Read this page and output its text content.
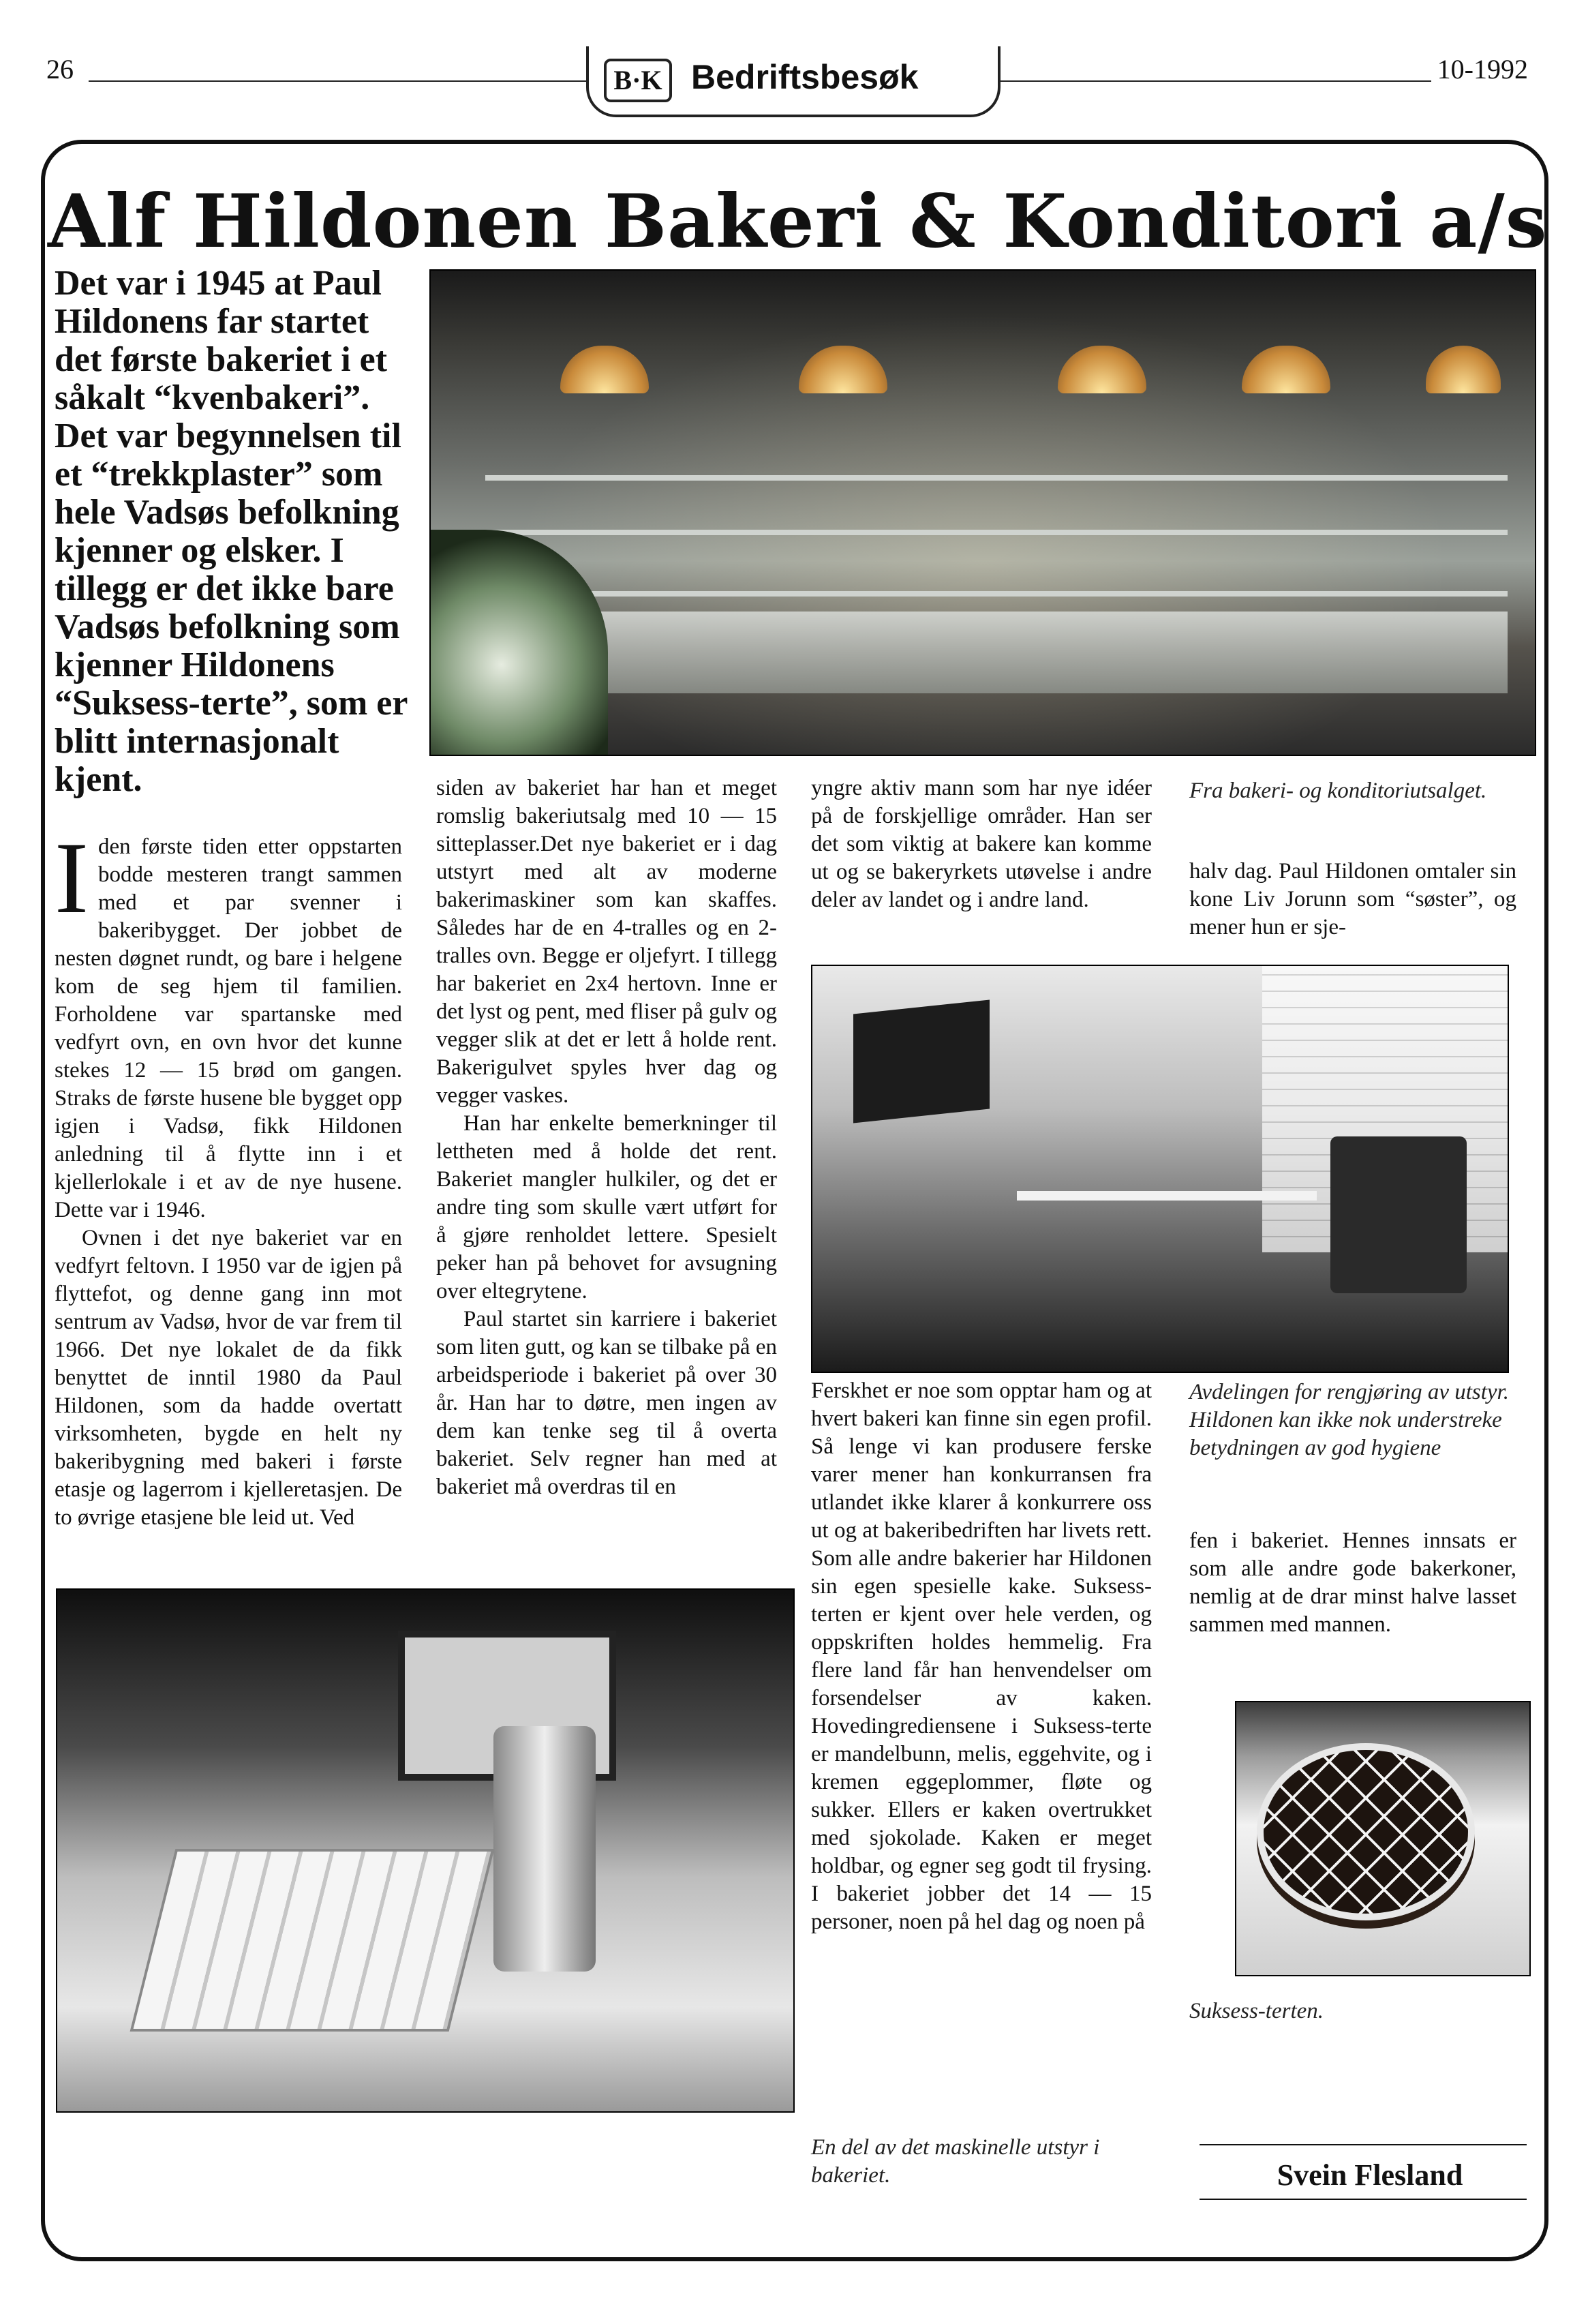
26	B·K Bedriftsbesøk	10-1992
Alf Hildonen Bakeri & Konditori a/s
Det var i 1945 at Paul Hildonens far startet det første bakeriet i et såkalt “kvenbakeri”. Det var begynnelsen til et “trekkplaster” som hele Vadsøs befolkning kjenner og elsker. I tillegg er det ikke bare Vadsøs befolkning som kjenner Hildonens “Suksess-terte”, som er blitt internasjonalt kjent.

Iden første tiden etter oppstarten bodde mesteren trangt sammen med et par svenner i bakeribygget. Der jobbet de nesten døgnet rundt, og bare i helgene kom de seg hjem til familien. Forholdene var spartanske med vedfyrt ovn, en ovn hvor det kunne stekes 12 — 15 brød om gangen. Straks de første husene ble bygget opp igjen i Vadsø, fikk Hildonen anledning til å flytte inn i et kjellerlokale i et av de nye husene. Dette var i 1946.

Ovnen i det nye bakeriet var en vedfyrt feltovn. I 1950 var de igjen på flyttefot, og denne gang inn mot sentrum av Vadsø, hvor de var frem til 1966. Det nye lokalet de da fikk benyttet de inntil 1980 da Paul Hildonen, som da hadde overtatt virksomheten, bygde en helt ny bakeribygning med bakeri i første etasje og lagerrom i kjelleretasjen. De to øvrige etasjene ble leid ut. Ved

siden av bakeriet har han et meget romslig bakeriutsalg med 10 — 15 sitteplasser.Det nye bakeriet er i dag utstyrt med alt av moderne bakerimaskiner som kan skaffes. Således har de en 4-tralles og en 2-tralles ovn. Begge er oljefyrt. I tillegg har bakeriet en 2x4 hertovn. Inne er det lyst og pent, med fliser på gulv og vegger slik at det er lett å holde rent. Bakerigulvet spyles hver dag og vegger vaskes.

Han har enkelte bemerkninger til lettheten med å holde det rent. Bakeriet mangler hulkiler, og det er andre ting som skulle vært utført for å gjøre renholdet lettere. Spesielt peker han på behovet for avsugning over eltegrytene.

Paul startet sin karriere i bakeriet som liten gutt, og kan se tilbake på en arbeidsperiode i bakeriet på over 30 år. Han har to døtre, men ingen av dem kan tenke seg til å overta bakeriet. Selv regner han med at bakeriet må overdras til en

yngre aktiv mann som har nye idéer på de forskjellige områder. Han ser det som viktig at bakere kan komme ut og se bakeryrkets utøvelse i andre deler av landet og i andre land.

Ferskhet er noe som opptar ham og at hvert bakeri kan finne sin egen profil. Så lenge vi kan produsere ferske varer mener han konkurransen fra utlandet ikke klarer å konkurrere oss ut og at bakeribedriften har livets rett. Som alle andre bakerier har Hildonen sin egen spesielle kake. Suksess-terten er kjent over hele verden, og oppskriften holdes hemmelig. Fra flere land får han henvendelser om forsendelser av kaken. Hovedingrediensene i Suksess-terte er mandelbunn, melis, eggehvite, og i kremen eggeplommer, fløte og sukker. Ellers er kaken overtrukket med sjokolade. Kaken er meget holdbar, og egner seg godt til frysing. I bakeriet jobber det 14 — 15 personer, noen på hel dag og noen på

Fra bakeri- og konditoriutsalget.

halv dag. Paul Hildonen omtaler sin kone Liv Jorunn som “søster”, og mener hun er sje-

Avdelingen for rengjøring av utstyr. Hildonen kan ikke nok understreke betydningen av god hygiene

fen i bakeriet. Hennes innsats er som alle andre gode bakerkoner, nemlig at de drar minst halve lasset sammen med mannen.

Suksess-terten.
En del av det maskinelle utstyr i bakeriet.	Svein Flesland
